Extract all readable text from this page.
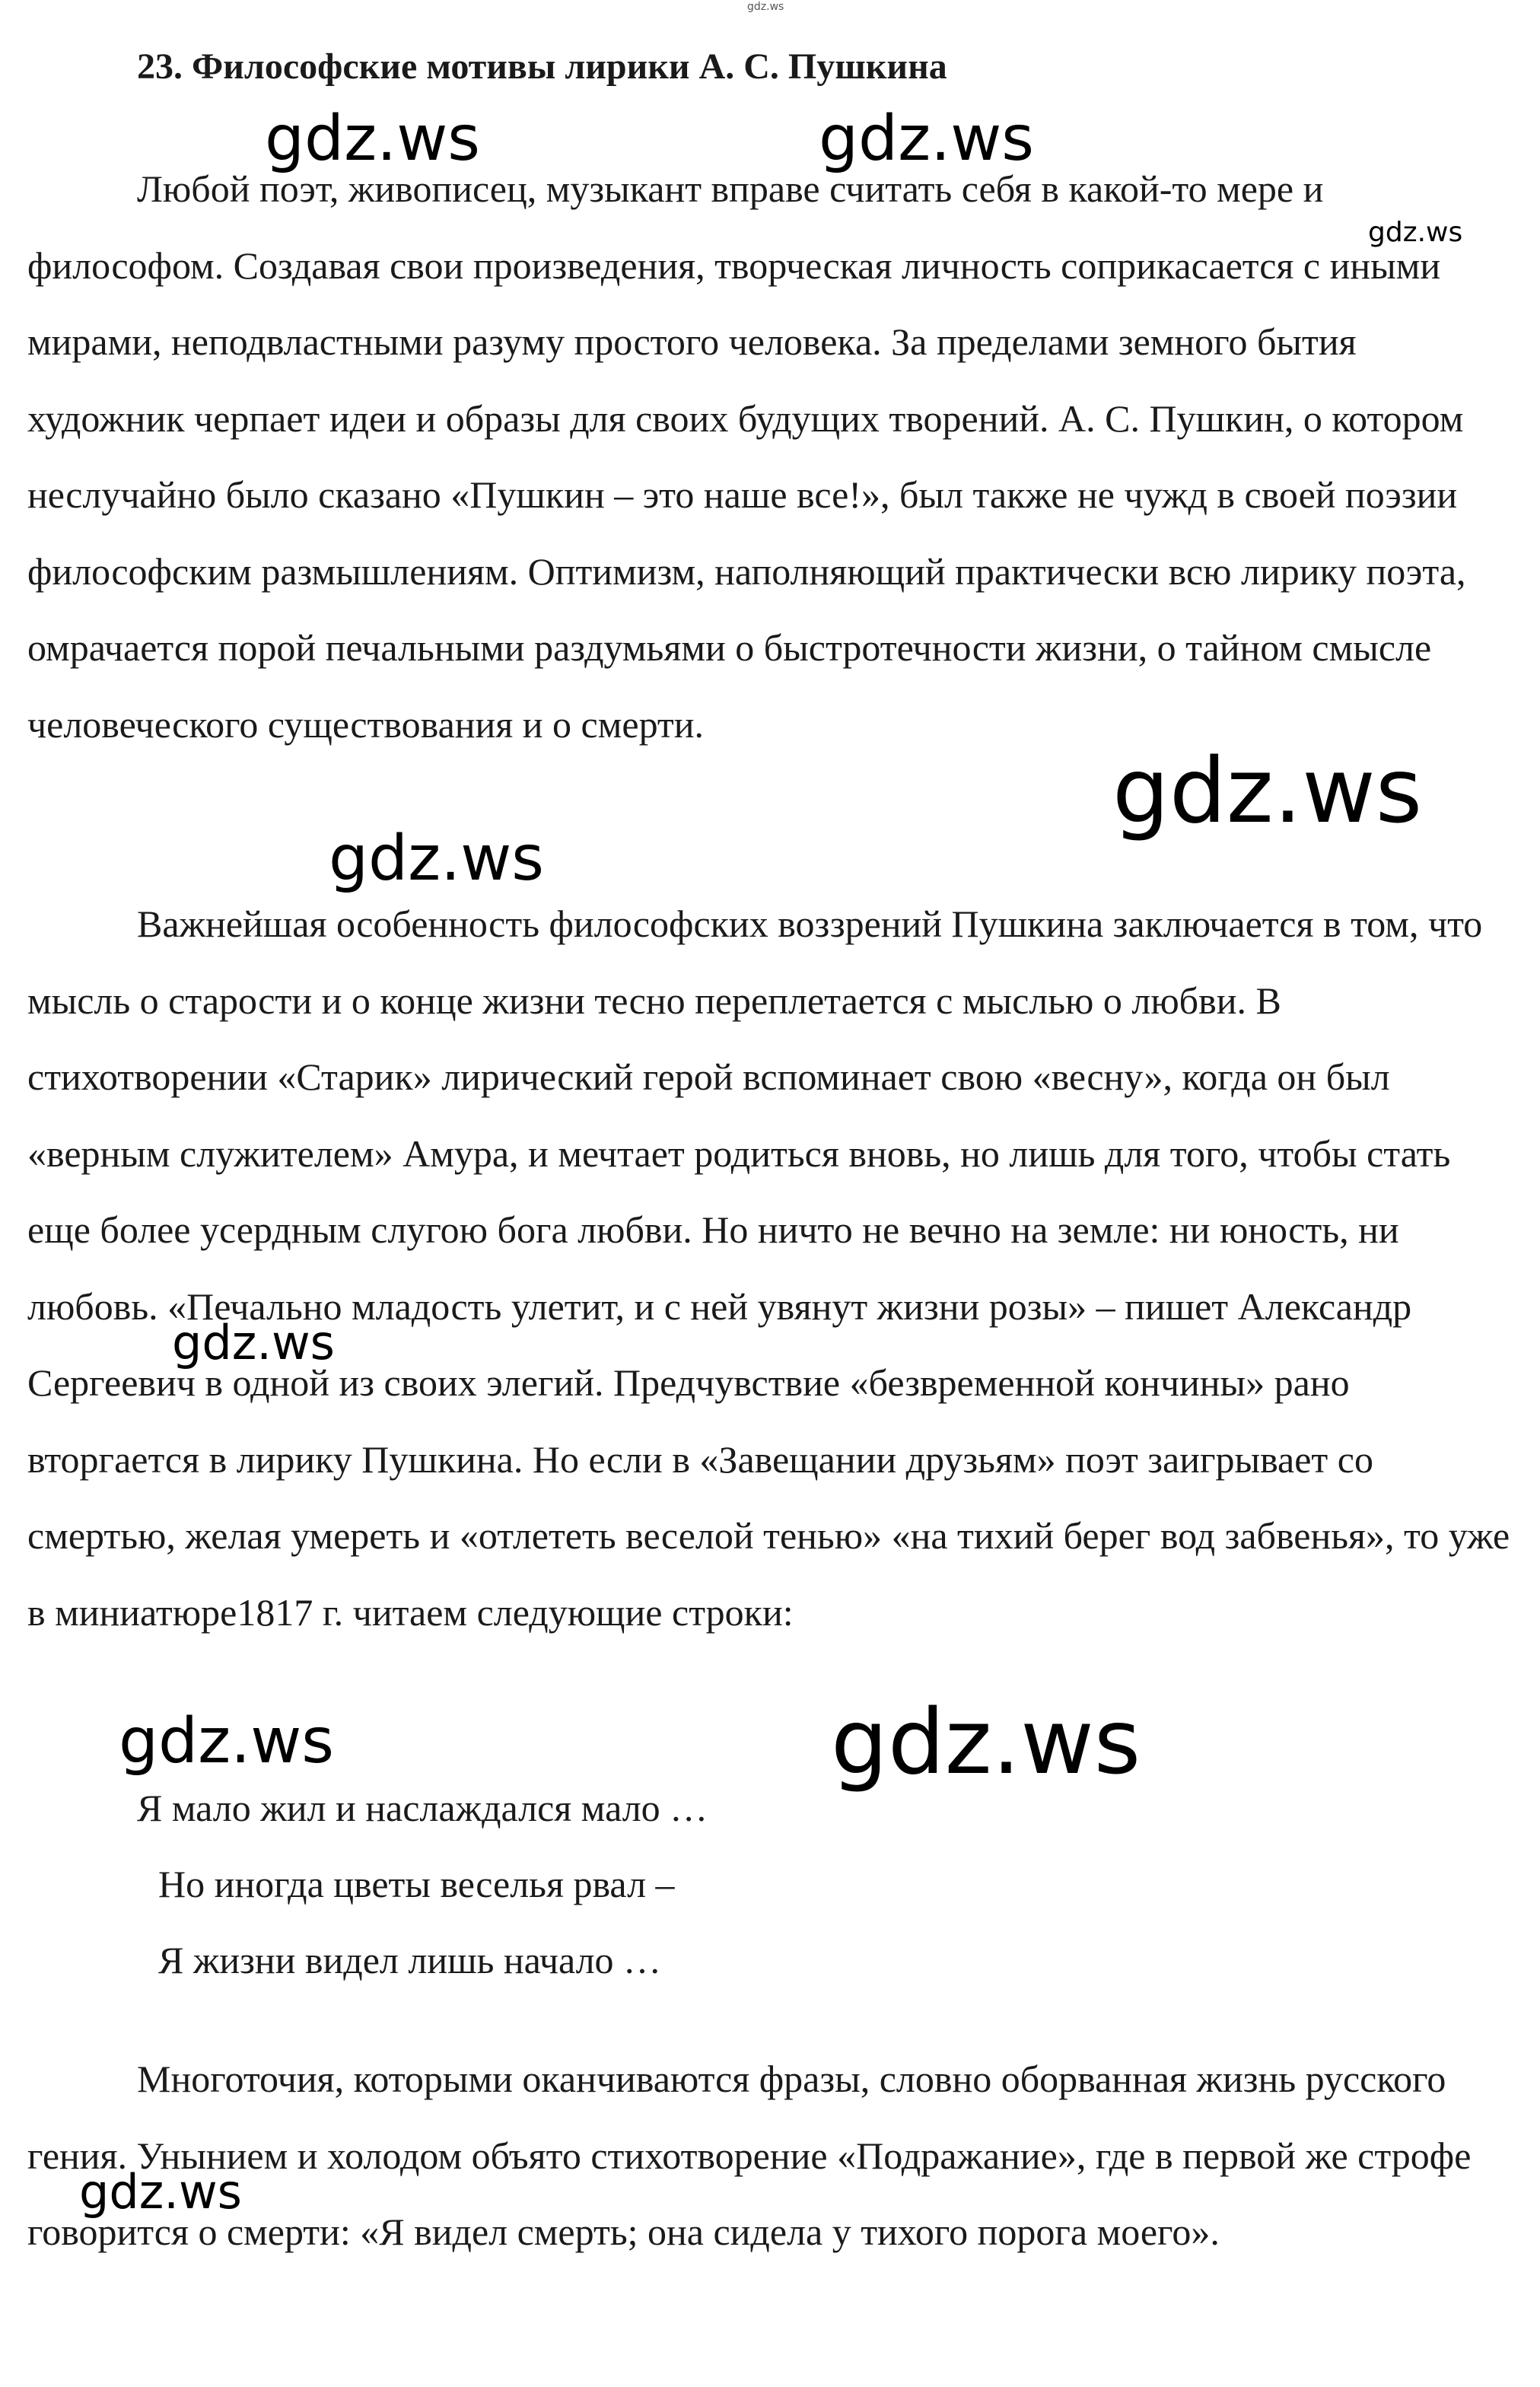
23. Философские мотивы лирики А. С. Пушкина

Любой поэт, живописец, музыкант вправе считать себя в какой-то мере и философом. Создавая свои произведения, творческая личность соприкасается с иными мирами, неподвластными разуму простого человека. За пределами земного бытия художник черпает идеи и образы для своих будущих творений. А. С. Пушкин, о котором неслучайно было сказано «Пушкин – это наше все!», был также не чужд в своей поэзии философским размышлениям. Оптимизм, наполняющий практически всю лирику поэта, омрачается порой печальными раздумьями о быстротечности жизни, о тайном смысле человеческого существования и о смерти.

Важнейшая особенность философских воззрений Пушкина заключается в том, что мысль о старости и о конце жизни тесно переплетается с мыслью о любви. В стихотворении «Старик» лирический герой вспоминает свою «весну», когда он был «верным служителем» Амура, и мечтает родиться вновь, но лишь для того, чтобы стать еще более усердным слугою бога любви. Но ничто не вечно на земле: ни юность, ни любовь. «Печально младость улетит, и с ней увянут жизни розы» – пишет Александр Сергеевич в одной из своих элегий. Предчувствие «безвременной кончины» рано вторгается в лирику Пушкина. Но если в «Завещании друзьям» поэт заигрывает со смертью, желая умереть и «отлететь веселой тенью» «на тихий берег вод забвенья», то уже в миниатюре1817 г. читаем следующие строки:

Я мало жил и наслаждался мало …
Но иногда цветы веселья рвал –
Я жизни видел лишь начало …

Многоточия, которыми оканчиваются фразы, словно оборванная жизнь русского гения. Унынием и холодом объято стихотворение «Подражание», где в первой же строфе говорится о смерти: «Я видел смерть; она сидела у тихого порога моего».

gdz.ws
gdz.ws	gdz.ws
gdz.ws
gdz.ws
gdz.ws
gdz.ws
gdz.ws	gdz.ws
gdz.ws
